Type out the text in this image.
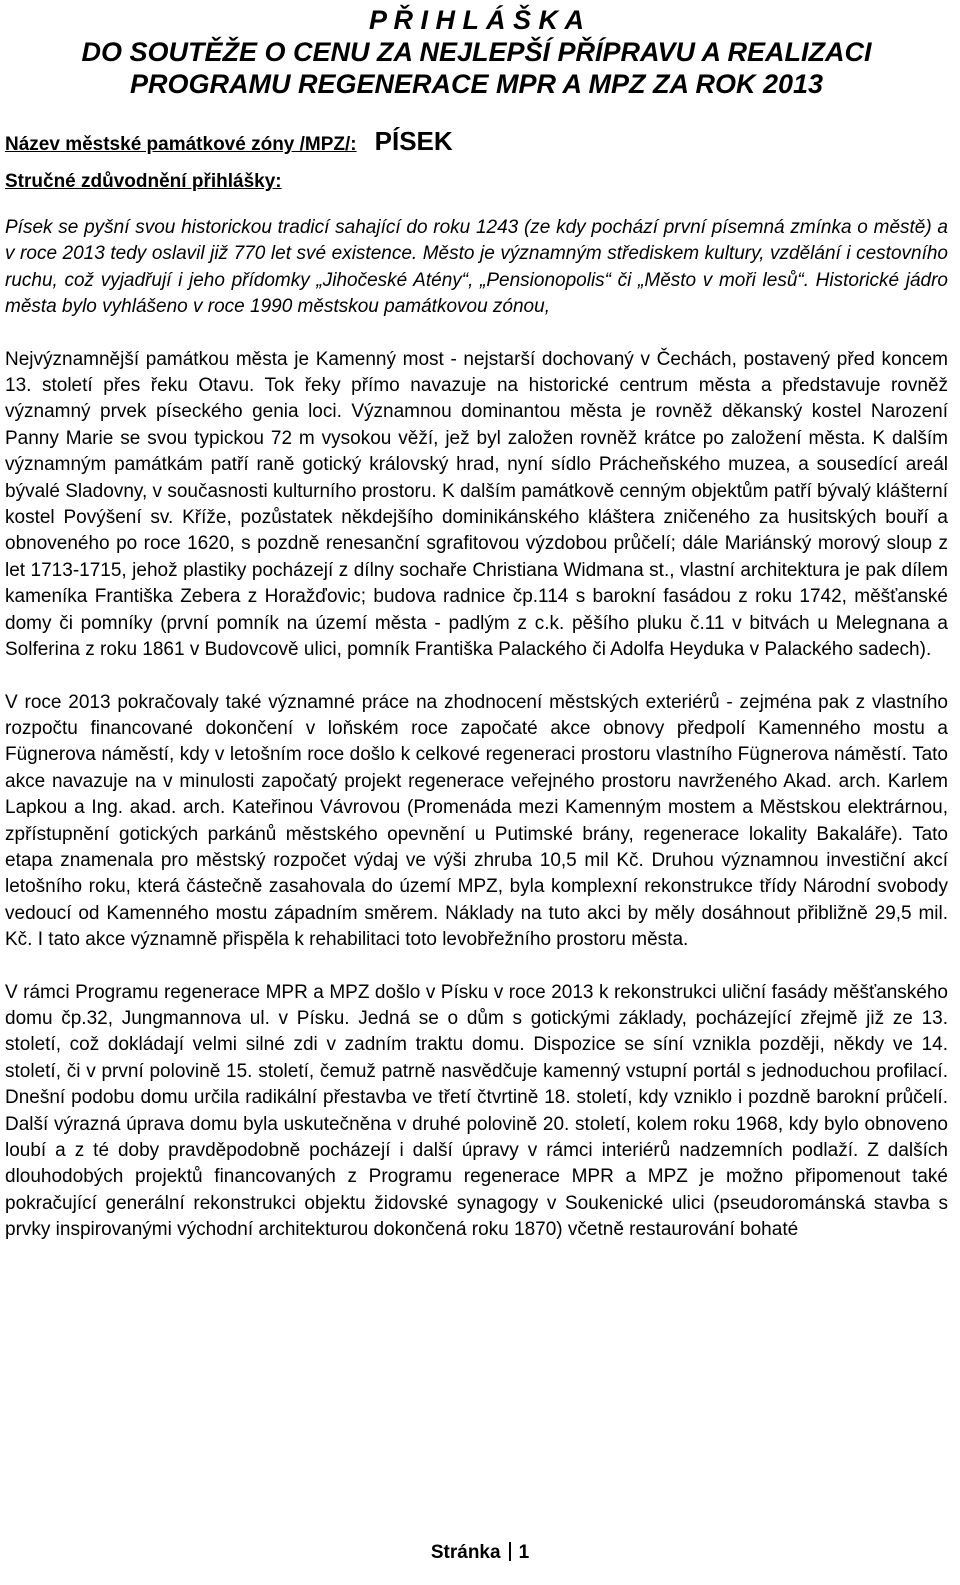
P Ř I H L Á Š K A
DO SOUTĚŽE O CENU ZA NEJLEPŠÍ PŘÍPRAVU A REALIZACI
PROGRAMU REGENERACE MPR A MPZ ZA ROK 2013
Název městské památkové zóny /MPZ/: PÍSEK
Stručné zdůvodnění přihlášky:

Písek se pyšní svou historickou tradicí sahající do roku 1243 (ze kdy pochází první písemná zmínka o městě) a v roce 2013 tedy oslavil již 770 let své existence. Město je významným střediskem kultury, vzdělání i cestovního ruchu, což vyjadřují i jeho přídomky „Jihočeské Atény“, „Pensionopolis“ či „Město v moři lesů“. Historické jádro města bylo vyhlášeno v roce 1990 městskou památkovou zónou,

Nejvýznamnější památkou města je Kamenný most - nejstarší dochovaný v Čechách, postavený před koncem 13. století přes řeku Otavu. Tok řeky přímo navazuje na historické centrum města a představuje rovněž významný prvek píseckého genia loci. Významnou dominantou města je rovněž děkanský kostel Narození Panny Marie se svou typickou 72 m vysokou věží, jež byl založen rovněž krátce po založení města. K dalším významným památkám patří raně gotický královský hrad, nyní sídlo Prácheňského muzea, a sousedící areál bývalé Sladovny, v současnosti kulturního prostoru. K dalším památkově cenným objektům patří bývalý klášterní kostel Povýšení sv. Kříže, pozůstatek někdejšího dominikánského kláštera zničeného za husitských bouří a obnoveného po roce 1620, s pozdně renesanční sgrafitovou výzdobou průčelí; dále Mariánský morový sloup z let 1713-1715, jehož plastiky pocházejí z dílny sochaře Christiana Widmana st., vlastní architektura je pak dílem kameníka Františka Zebera z Horažďovic; budova radnice čp.114 s barokní fasádou z roku 1742, měšťanské domy či pomníky (první pomník na území města - padlým z c.k. pěšího pluku č.11 v bitvách u Melegnana a Solferina z roku 1861 v Budovcově ulici, pomník Františka Palackého či Adolfa Heyduka v Palackého sadech).

V roce 2013 pokračovaly také významné práce na zhodnocení městských exteriérů - zejména pak z vlastního rozpočtu financované dokončení v loňském roce započaté akce obnovy předpolí Kamenného mostu a Fügnerova náměstí, kdy v letošním roce došlo k celkové regeneraci prostoru vlastního Fügnerova náměstí. Tato akce navazuje na v minulosti započatý projekt regenerace veřejného prostoru navrženého Akad. arch. Karlem Lapkou a Ing. akad. arch. Kateřinou Vávrovou (Promenáda mezi Kamenným mostem a Městskou elektrárnou, zpřístupnění gotických parkánů městského opevnění u Putimské brány, regenerace lokality Bakaláře). Tato etapa znamenala pro městský rozpočet výdaj ve výši zhruba 10,5 mil Kč. Druhou významnou investiční akcí letošního roku, která částečně zasahovala do území MPZ, byla komplexní rekonstrukce třídy Národní svobody vedoucí od Kamenného mostu západním směrem. Náklady na tuto akci by měly dosáhnout přibližně 29,5 mil. Kč. I tato akce významně přispěla k rehabilitaci toto levobřežního prostoru města.

V rámci Programu regenerace MPR a MPZ došlo v Písku v roce 2013 k rekonstrukci uliční fasády měšťanského domu čp.32, Jungmannova ul. v Písku. Jedná se o dům s gotickými základy, pocházející zřejmě již ze 13. století, což dokládají velmi silné zdi v zadním traktu domu. Dispozice se síní vznikla později, někdy ve 14. století, či v první polovině 15. století, čemuž patrně nasvědčuje kamenný vstupní portál s jednoduchou profilací. Dnešní podobu domu určila radikální přestavba ve třetí čtvrtině 18. století, kdy vzniklo i pozdně barokní průčelí. Další výrazná úprava domu byla uskutečněna v druhé polovině 20. století, kolem roku 1968, kdy bylo obnoveno loubí a z té doby pravděpodobně pocházejí i další úpravy v rámci interiérů nadzemních podlaží. Z dalších dlouhodobých projektů financovaných z Programu regenerace MPR a MPZ je možno připomenout také pokračující generální rekonstrukci objektu židovské synagogy v Soukenické ulici (pseudorománská stavba s prvky inspirovanými východní architekturou dokončená roku 1870) včetně restaurování bohaté

Stránka 1
